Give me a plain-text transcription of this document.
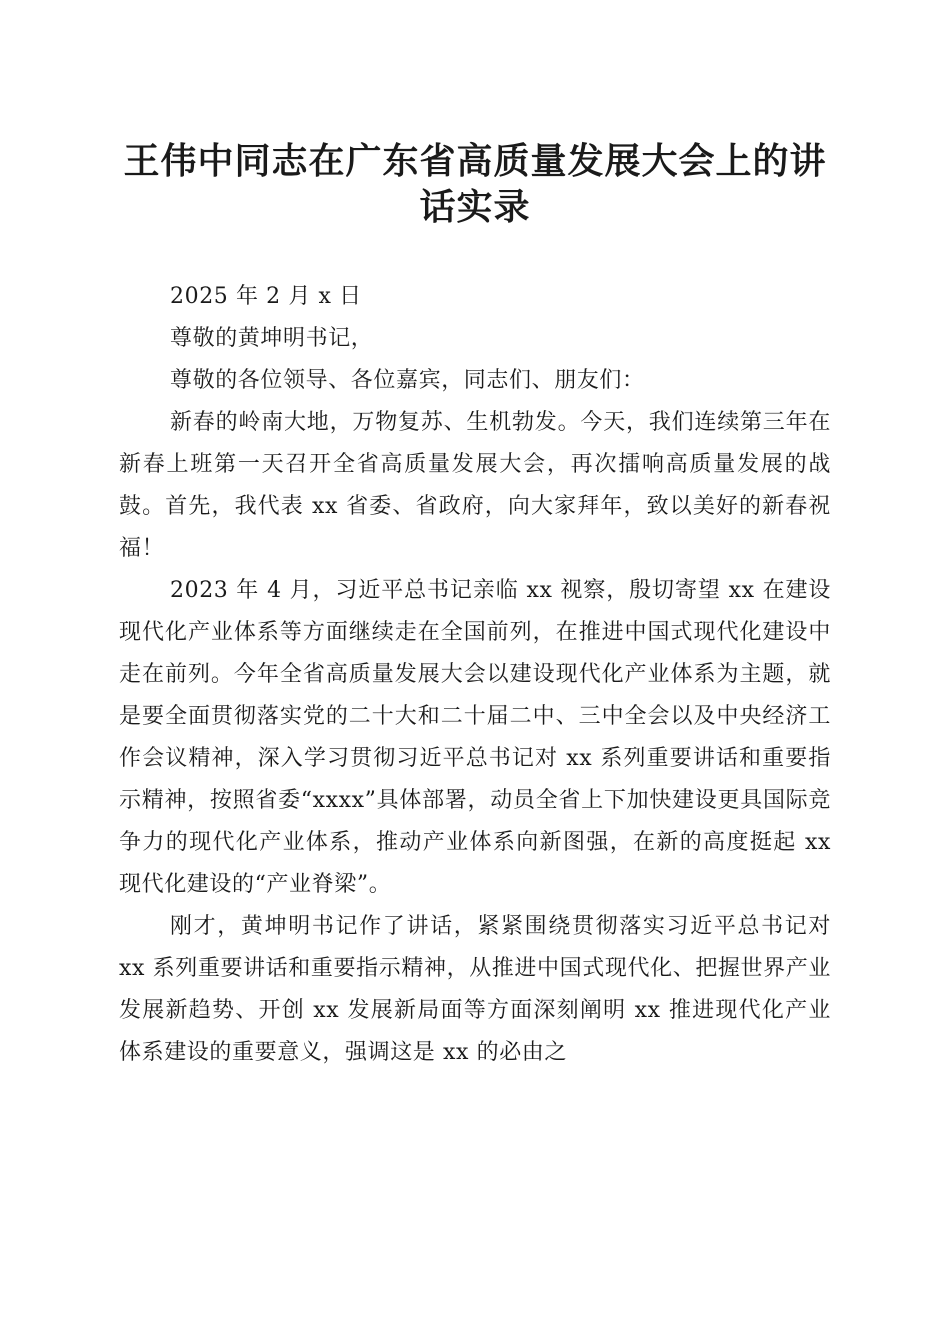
王伟中同志在广东省高质量发展大会上的讲话实录

2025 年 2 月 x 日

尊敬的黄坤明书记，

尊敬的各位领导、各位嘉宾，同志们、朋友们：

新春的岭南大地，万物复苏、生机勃发。今天，我们连续第三年在新春上班第一天召开全省高质量发展大会，再次擂响高质量发展的战鼓。首先，我代表 xx 省委、省政府，向大家拜年，致以美好的新春祝福！

2023 年 4 月，习近平总书记亲临 xx 视察，殷切寄望 xx 在建设现代化产业体系等方面继续走在全国前列，在推进中国式现代化建设中走在前列。今年全省高质量发展大会以建设现代化产业体系为主题，就是要全面贯彻落实党的二十大和二十届二中、三中全会以及中央经济工作会议精神，深入学习贯彻习近平总书记对 xx 系列重要讲话和重要指示精神，按照省委“xxxx”具体部署，动员全省上下加快建设更具国际竞争力的现代化产业体系，推动产业体系向新图强，在新的高度挺起 xx 现代化建设的“产业脊梁”。

刚才，黄坤明书记作了讲话，紧紧围绕贯彻落实习近平总书记对 xx 系列重要讲话和重要指示精神，从推进中国式现代化、把握世界产业发展新趋势、开创 xx 发展新局面等方面深刻阐明 xx 推进现代化产业体系建设的重要意义，强调这是 xx 的必由之
